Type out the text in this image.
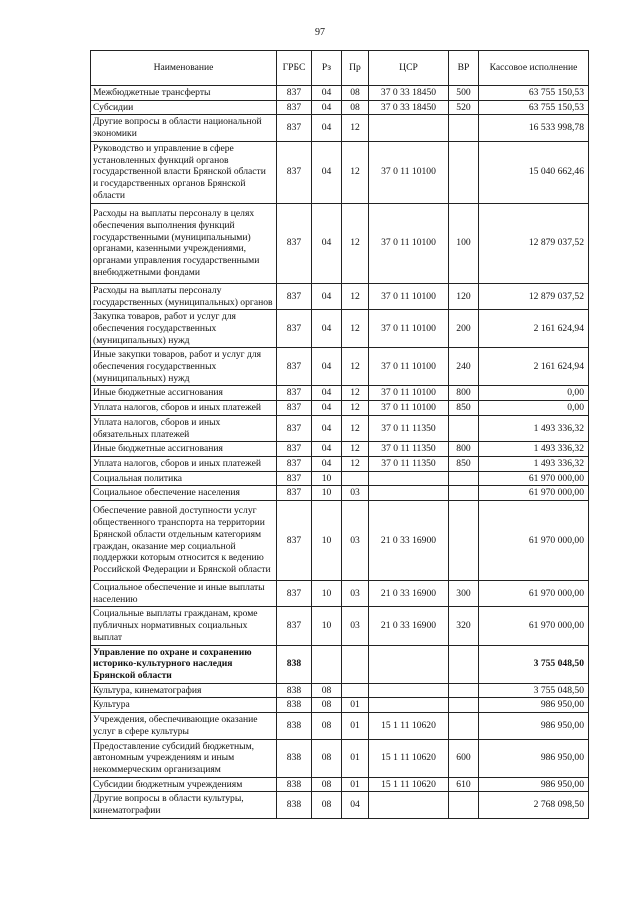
97
Наименование	ГРБС	Рз	Пр	ЦСР	ВР	Кассовое исполнение
Межбюджетные трансферты	837	04	08	37 0 33 18450	500	63 755 150,53
Субсидии	837	04	08	37 0 33 18450	520	63 755 150,53
Другие вопросы в области национальной экономики	837	04	12			16 533 998,78
Руководство и управление в сфере установленных функций органов государственной власти Брянской области и государственных органов Брянской области	837	04	12	37 0 11 10100		15 040 662,46
Расходы на выплаты персоналу в целях обеспечения выполнения функций государственными (муниципальными) органами, казенными учреждениями, органами управления государственными внебюджетными фондами	837	04	12	37 0 11 10100	100	12 879 037,52
Расходы на выплаты персоналу государственных (муниципальных) органов	837	04	12	37 0 11 10100	120	12 879 037,52
Закупка товаров, работ и услуг для обеспечения государственных (муниципальных) нужд	837	04	12	37 0 11 10100	200	2 161 624,94
Иные закупки товаров, работ и услуг для обеспечения государственных (муниципальных) нужд	837	04	12	37 0 11 10100	240	2 161 624,94
Иные бюджетные ассигнования	837	04	12	37 0 11 10100	800	0,00
Уплата налогов, сборов и иных платежей	837	04	12	37 0 11 10100	850	0,00
Уплата налогов, сборов и иных обязательных платежей	837	04	12	37 0 11 11350		1 493 336,32
Иные бюджетные ассигнования	837	04	12	37 0 11 11350	800	1 493 336,32
Уплата налогов, сборов и иных платежей	837	04	12	37 0 11 11350	850	1 493 336,32
Социальная политика	837	10				61 970 000,00
Социальное обеспечение населения	837	10	03			61 970 000,00
Обеспечение равной доступности услуг общественного транспорта на территории Брянской области отдельным категориям граждан, оказание мер социальной поддержки которым относится к ведению Российской Федерации и Брянской области	837	10	03	21 0 33 16900		61 970 000,00
Социальное обеспечение и иные выплаты населению	837	10	03	21 0 33 16900	300	61 970 000,00
Социальные выплаты гражданам, кроме публичных нормативных социальных выплат	837	10	03	21 0 33 16900	320	61 970 000,00
Управление по охране и сохранению историко-культурного наследия Брянской области	838					3 755 048,50
Культура, кинематография	838	08				3 755 048,50
Культура	838	08	01			986 950,00
Учреждения, обеспечивающие оказание услуг в сфере культуры	838	08	01	15 1 11 10620		986 950,00
Предоставление субсидий бюджетным, автономным учреждениям и иным некоммерческим организациям	838	08	01	15 1 11 10620	600	986 950,00
Субсидии бюджетным учреждениям	838	08	01	15 1 11 10620	610	986 950,00
Другие вопросы в области культуры, кинематографии	838	08	04			2 768 098,50
